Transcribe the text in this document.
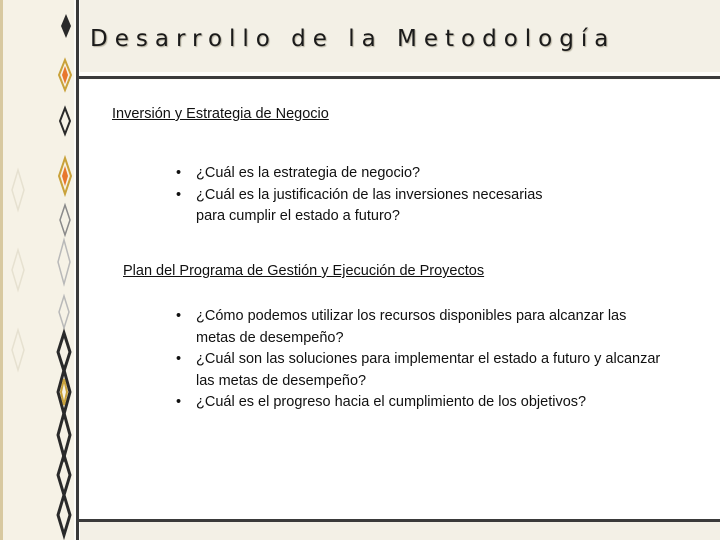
Desarrollo de la Metodología
Inversión y Estrategia de Negocio
• ¿Cuál es la estrategia de negocio?
• ¿Cuál es la justificación de las inversiones necesarias para cumplir el estado a futuro?
Plan del Programa de Gestión y Ejecución de Proyectos
• ¿Cómo podemos utilizar los recursos disponibles para alcanzar las metas de desempeño?
• ¿Cuál son las soluciones para implementar el estado a futuro y alcanzar las metas de desempeño?
• ¿Cuál es el progreso hacia el cumplimiento de los objetivos?
